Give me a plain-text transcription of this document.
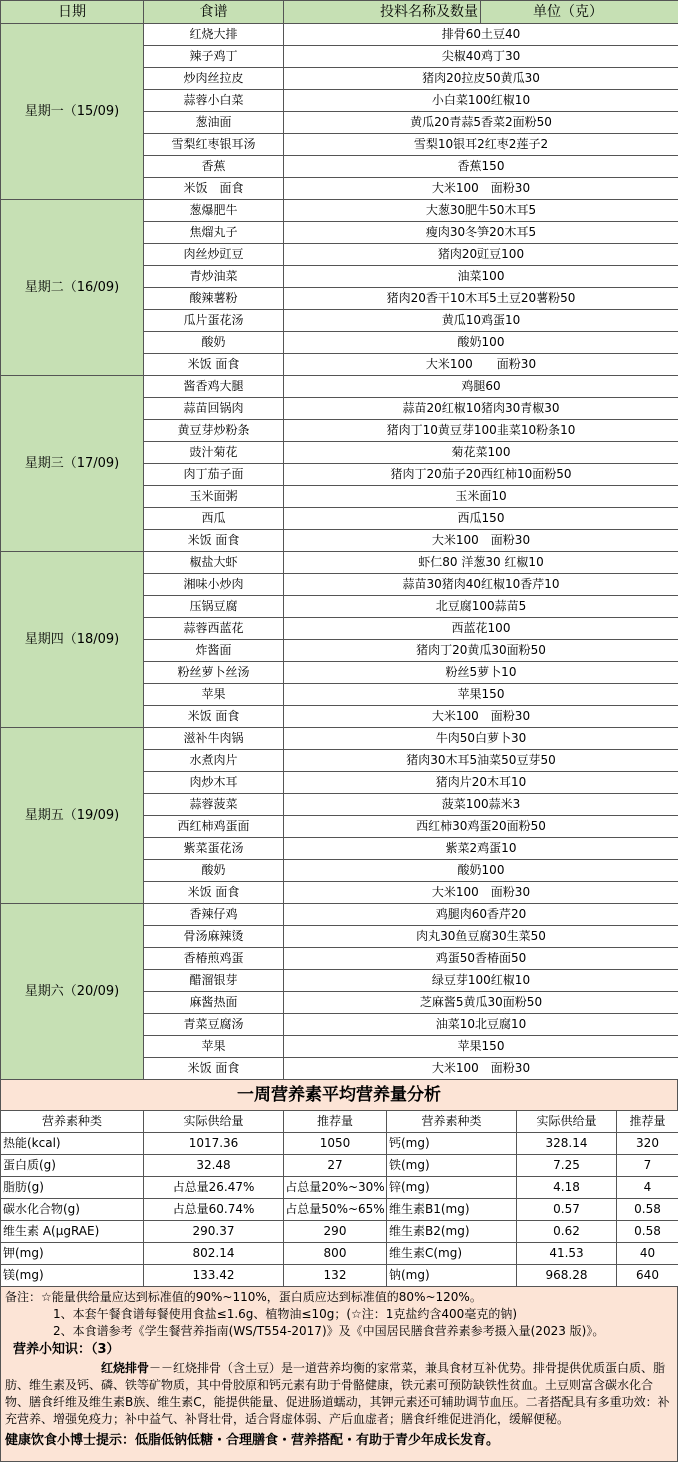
日期	食谱	投料名称及数量	单位（克）
星期一（15/09)	红烧大排	排骨60土豆40	
	辣子鸡丁	尖椒40鸡丁30	
	炒肉丝拉皮	猪肉20拉皮50黄瓜30	
	蒜蓉小白菜	小白菜100红椒10	
	葱油面	黄瓜20青蒜5香菜2面粉50	
	雪梨红枣银耳汤	雪梨10银耳2红枣2莲子2	
	香蕉	香蕉150	
	米饭　面食	大米100　面粉30	
星期二（16/09)	葱爆肥牛	大葱30肥牛50木耳5	
	焦熘丸子	瘦肉30冬笋20木耳5	
	肉丝炒豇豆	猪肉20豇豆100	
	青炒油菜	油菜100	
	酸辣薯粉	猪肉20香干10木耳5土豆20薯粉50	
	瓜片蛋花汤	黄瓜10鸡蛋10	
	酸奶	酸奶100	
	米饭 面食	大米100　　面粉30	
星期三（17/09)	酱香鸡大腿	鸡腿60	
	蒜苗回锅肉	蒜苗20红椒10猪肉30青椒30	
	黄豆芽炒粉条	猪肉丁10黄豆芽100韭菜10粉条10	
	豉汁菊花	菊花菜100	
	肉丁茄子面	猪肉丁20茄子20西红柿10面粉50	
	玉米面粥	玉米面10	
	西瓜	西瓜150	
	米饭 面食	大米100　面粉30	
星期四（18/09)	椒盐大虾	虾仁80 洋葱30 红椒10	
	湘味小炒肉	蒜苗30猪肉40红椒10香芹10	
	压锅豆腐	北豆腐100蒜苗5	
	蒜蓉西蓝花	西蓝花100	
	炸酱面	猪肉丁20黄瓜30面粉50	
	粉丝萝卜丝汤	粉丝5萝卜10	
	苹果	苹果150	
	米饭 面食	大米100　面粉30	
星期五（19/09)	滋补牛肉锅	牛肉50白萝卜30	
	水煮肉片	猪肉30木耳5油菜50豆芽50	
	肉炒木耳	猪肉片20木耳10	
	蒜蓉菠菜	菠菜100蒜米3	
	西红柿鸡蛋面	西红柿30鸡蛋20面粉50	
	紫菜蛋花汤	紫菜2鸡蛋10	
	酸奶	酸奶100	
	米饭 面食	大米100　面粉30	
星期六（20/09)	香辣仔鸡	鸡腿肉60香芹20	
	骨汤麻辣烫	肉丸30鱼豆腐30生菜50	
	香椿煎鸡蛋	鸡蛋50香椿面50	
	醋溜银芽	绿豆芽100红椒10	
	麻酱热面	芝麻酱5黄瓜30面粉50	
	青菜豆腐汤	油菜10北豆腐10	
	苹果	苹果150	
	米饭 面食	大米100　面粉30	
一周营养素平均营养量分析
营养素种类	实际供给量	推荐量	营养素种类	实际供给量	推荐量
热能(kcal)	1017.36	1050	钙(mg)	328.14	320
蛋白质(g)	32.48	27	铁(mg)	7.25	7
脂肪(g)	占总量26.47%	占总量20%~30%	锌(mg)	4.18	4
碳水化合物(g)	占总量60.74%	占总量50%~65%	维生素B1(mg)	0.57	0.58
维生素 A(μgRAE)	290.37	290	维生素B2(mg)	0.62	0.58
钾(mg)	802.14	800	维生素C(mg)	41.53	40
镁(mg)	133.42	132	钠(mg)	968.28	640
备注：☆能量供给量应达到标准值的90%~110%，蛋白质应达到标准值的80%~120%。
1、本套午餐食谱每餐使用食盐≤1.6g、植物油≤10g；(☆注：1克盐约含400毫克的钠)
2、本食谱参考《学生餐营养指南(WS/T554-2017)》及《中国居民膳食营养素参考摄入量(2023 版)》。
营养小知识：（3）
红烧排骨－－红烧排骨（含土豆）是一道营养均衡的家常菜，兼具食材互补优势。排骨提供优质蛋白质、脂肪、维生素及钙、磷、铁等矿物质，其中骨胶原和钙元素有助于骨骼健康，铁元素可预防缺铁性贫血。土豆则富含碳水化合物、膳食纤维及维生素B族、维生素C，能提供能量、促进肠道蠕动，其钾元素还可辅助调节血压。二者搭配具有多重功效：补充营养、增强免疫力；补中益气、补肾壮骨，适合肾虚体弱、产后血虚者；膳食纤维促进消化，缓解便秘。
健康饮食小博士提示：低脂低钠低糖・合理膳食・营养搭配・有助于青少年成长发育。
